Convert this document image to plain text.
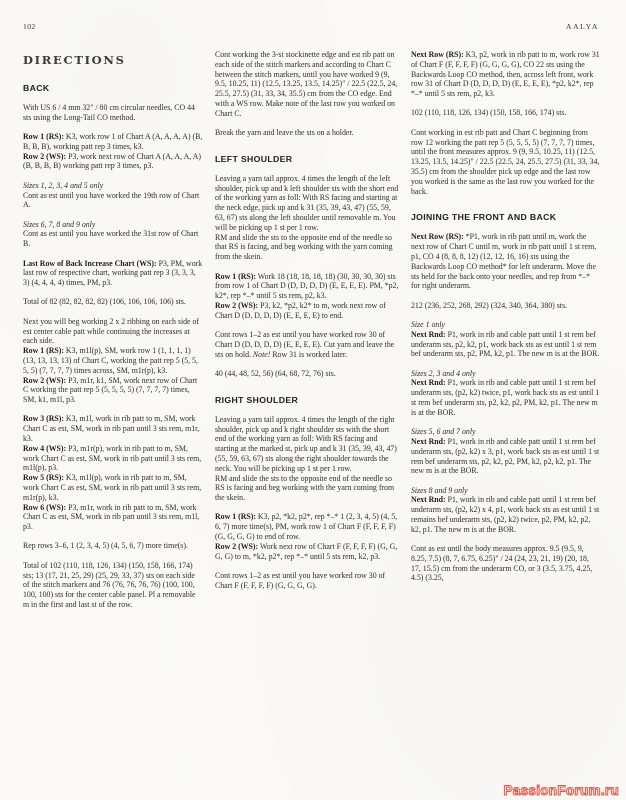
102	AALYA
DIRECTIONS
BACK

With US 6 / 4 mm 32" / 80 cm circular needles, CO 44 sts using the Long-Tail CO method.

Row 1 (RS): K3, work row 1 of Chart A (A, A, A, A) (B, B, B, B), working patt rep 3 times, k3.

Row 2 (WS): P3, work next row of Chart A (A, A, A, A) (B, B, B, B) working patt rep 3 times, p3.

Sizes 1, 2, 3, 4 and 5 only

Cont as est until you have worked the 19th row of Chart A.

Sizes 6, 7, 8 and 9 only

Cont as est until you have worked the 31st row of Chart B.

Last Row of Back Increase Chart (WS): P3, PM, work last row of respective chart, working patt rep 3 (3, 3, 3, 3) (4, 4, 4, 4) times, PM, p3.

Total of 82 (82, 82, 82, 82) (106, 106, 106, 106) sts.

Next you will beg working 2 x 2 ribbing on each side of est center cable patt while continuing the increases at each side.

Row 1 (RS): K3, m1l(p), SM, work row 1 (1, 1, 1, 1) (13, 13, 13, 13) of Chart C, working the patt rep 5 (5, 5, 5, 5) (7, 7, 7, 7) times across, SM, m1r(p), k3.

Row 2 (WS): P3, m1r, k1, SM, work next row of Chart C working the patt rep 5 (5, 5, 5, 5) (7, 7, 7, 7) times, SM, k1, m1l, p3.

Row 3 (RS): K3, m1l, work in rib patt to m, SM, work Chart C as est, SM, work in rib patt until 3 sts rem, m1r, k3.

Row 4 (WS): P3, m1r(p), work in rib patt to m, SM, work Chart C as est, SM, work in rib patt until 3 sts rem, m1l(p), p3.

Row 5 (RS): K3, m1l(p), work in rib patt to m, SM, work Chart C as est, SM, work in rib patt until 3 sts rem, m1r(p), k3.

Row 6 (WS): P3, m1r, work in rib patt to m, SM, work Chart C as est, SM, work in rib patt until 3 sts rem, m1l, p3.

Rep rows 3–6, 1 (2, 3, 4, 5) (4, 5, 6, 7) more time(s).

Total of 102 (110, 118, 126, 134) (150, 158, 166, 174) sts; 13 (17, 21, 25, 29) (25, 29, 33, 37) sts on each side of the stitch markers and 76 (76, 76, 76, 76) (100, 100, 100, 100) sts for the center cable panel. Pl a removable m in the first and last st of the row.

Cont working the 3-st stockinette edge and est rib patt on each side of the stitch markers and according to Chart C between the stitch markers, until you have worked 9 (9, 9.5, 10.25, 11) (12.5, 13.25, 13.5, 14.25)" / 22.5 (22.5, 24, 25.5, 27.5) (31, 33, 34, 35.5) cm from the CO edge. End with a WS row. Make note of the last row you worked on Chart C.

Break the yarn and leave the sts on a holder.

LEFT SHOULDER

Leaving a yarn tail approx. 4 times the length of the left shoulder, pick up and k left shoulder sts with the short end of the working yarn as foll: With RS facing and starting at the neck edge, pick up and k 31 (35, 39, 43, 47) (55, 59, 63, 67) sts along the left shoulder until removable m. You will be picking up 1 st per 1 row.

RM and slide the sts to the opposite end of the needle so that RS is facing, and beg working with the yarn coming from the skein.

Row 1 (RS): Work 18 (18, 18, 18, 18) (30, 30, 30, 30) sts from row 1 of Chart D (D, D, D, D) (E, E, E, E). PM, *p2, k2*, rep *–* until 5 sts rem, p2, k3.

Row 2 (WS): P3, k2, *p2, k2* to m, work next row of Chart D (D, D, D, D) (E, E, E, E) to end.

Cont rows 1–2 as est until you have worked row 30 of Chart D (D, D, D, D) (E, E, E, E). Cut yarn and leave the sts on hold. Note! Row 31 is worked later.

40 (44, 48, 52, 56) (64, 68, 72, 76) sts.

RIGHT SHOULDER

Leaving a yarn tail approx. 4 times the length of the right shoulder, pick up and k right shoulder sts with the short end of the working yarn as foll: With RS facing and starting at the marked st, pick up and k 31 (35, 39, 43, 47) (55, 59, 63, 67) sts along the right shoulder towards the neck. You will be picking up 1 st per 1 row.

RM and slide the sts to the opposite end of the needle so RS is facing and beg working with the yarn coming from the skein.

Row 1 (RS): K3, p2, *k2, p2*, rep *–* 1 (2, 3, 4, 5) (4, 5, 6, 7) more time(s), PM, work row 1 of Chart F (F, F, F, F) (G, G, G, G) to end of row.

Row 2 (WS): Work next row of Chart F (F, F, F, F) (G, G, G, G) to m, *k2, p2*, rep *–* until 5 sts rem, k2, p3.

Cont rows 1–2 as est until you have worked row 30 of Chart F (F, F, F, F) (G, G, G, G).

Next Row (RS): K3, p2, work in rib patt to m, work row 31 of Chart F (F, F, F, F) (G, G, G, G), CO 22 sts using the Backwards Loop CO method, then, across left front, work row 31 of Chart D (D, D, D, D) (E, E, E, E), *p2, k2*, rep *–* until 5 sts rem, p2, k3.

102 (110, 118, 126, 134) (150, 158, 166, 174) sts.

Cont working in est rib patt and Chart C beginning from row 12 working the patt rep 5 (5, 5, 5, 5) (7, 7, 7, 7) times, until the front measures approx. 9 (9, 9.5, 10.25, 11) (12.5, 13.25, 13.5, 14.25)" / 22.5 (22.5, 24, 25.5, 27.5) (31, 33, 34, 35.5) cm from the shoulder pick up edge and the last row you worked is the same as the last row you worked for the back.

JOINING THE FRONT AND BACK

Next Row (RS): *P1, work in rib patt until m, work the next row of Chart C until m, work in rib patt until 1 st rem, p1, CO 4 (8, 8, 8, 12) (12, 12, 16, 16) sts using the Backwards Loop CO method* for left underarm. Move the sts held for the back onto your needles, and rep from *–* for right underarm.

212 (236, 252, 268, 292) (324, 340, 364, 380) sts.

Size 1 only

Next Rnd: P1, work in rib and cable patt until 1 st rem bef underarm sts, p2, k2, p1, work back sts as est until 1 st rem bef underarm sts, p2, PM, k2, p1. The new m is at the BOR.

Sizes 2, 3 and 4 only

Next Rnd: P1, work in rib and cable patt until 1 st rem bef underarm sts, (p2, k2) twice, p1, work back sts as est until 1 st rem bef underarm sts, p2, k2, p2, PM, k2, p1. The new m is at the BOR.

Sizes 5, 6 and 7 only

Next Rnd: P1, work in rib and cable patt until 1 st rem bef underarm sts, (p2, k2) x 3, p1, work back sts as est until 1 st rem bef underarm sts, p2, k2, p2, PM, k2, p2, k2, p1. The new m is at the BOR.

Sizes 8 and 9 only

Next Rnd: P1, work in rib and cable patt until 1 st rem bef underarm sts, (p2, k2) x 4, p1, work back sts as est until 1 st remains bef underarm sts, (p2, k2) twice, p2, PM, k2, p2, k2, p1. The new m is at the BOR.

Cont as est until the body measures approx. 9.5 (9.5, 9, 8.25, 7.5) (8, 7, 6.75, 6.25)" / 24 (24, 23, 21, 19) (20, 18, 17, 15.5) cm from the underarm CO, or 3 (3.5, 3.75, 4.25, 4.5) (3.25,

PassionForum.ru
